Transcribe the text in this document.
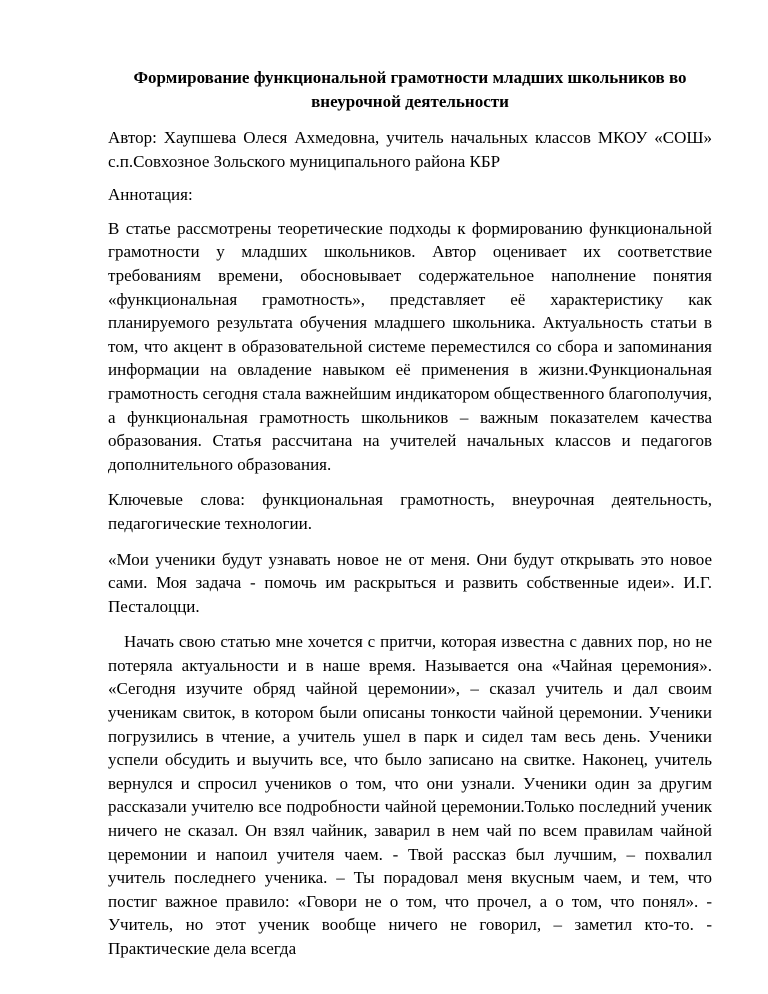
Формирование функциональной грамотности младших школьников во
внеурочной деятельности

Автор: Хаупшева Олеся Ахмедовна, учитель начальных классов МКОУ «СОШ» с.п.Совхозное Зольского муниципального района КБР

Аннотация:

В статье рассмотрены теоретические подходы к формированию функциональной грамотности у младших школьников. Автор оценивает их соответствие требованиям времени, обосновывает содержательное наполнение понятия «функциональная грамотность», представляет её характеристику как планируемого результата обучения младшего школьника. Актуальность статьи в том, что акцент в образовательной системе переместился со сбора и запоминания информации на овладение навыком её применения в жизни.Функциональная грамотность сегодня стала важнейшим индикатором общественного благополучия, а функциональная грамотность школьников – важным показателем качества образования. Статья рассчитана на учителей начальных классов и педагогов дополнительного образования.

Ключевые слова: функциональная грамотность, внеурочная деятельность, педагогические технологии.

«Мои ученики будут узнавать новое не от меня. Они будут открывать это новое сами. Моя задача - помочь им раскрыться и развить собственные идеи». И.Г. Песталоцци.

Начать свою статью мне хочется с притчи, которая известна с давних пор, но не потеряла актуальности и в наше время. Называется она «Чайная церемония». «Сегодня изучите обряд чайной церемонии», – сказал учитель и дал своим ученикам свиток, в котором были описаны тонкости чайной церемонии. Ученики погрузились в чтение, а учитель ушел в парк и сидел там весь день. Ученики успели обсудить и выучить все, что было записано на свитке. Наконец, учитель вернулся и спросил учеников о том, что они узнали. Ученики один за другим рассказали учителю все подробности чайной церемонии.Только последний ученик ничего не сказал. Он взял чайник, заварил в нем чай по всем правилам чайной церемонии и напоил учителя чаем. - Твой рассказ был лучшим, – похвалил учитель последнего ученика. – Ты порадовал меня вкусным чаем, и тем, что постиг важное правило: «Говори не о том, что прочел, а о том, что понял». - Учитель, но этот ученик вообще ничего не говорил, – заметил кто-то. - Практические дела всегда
